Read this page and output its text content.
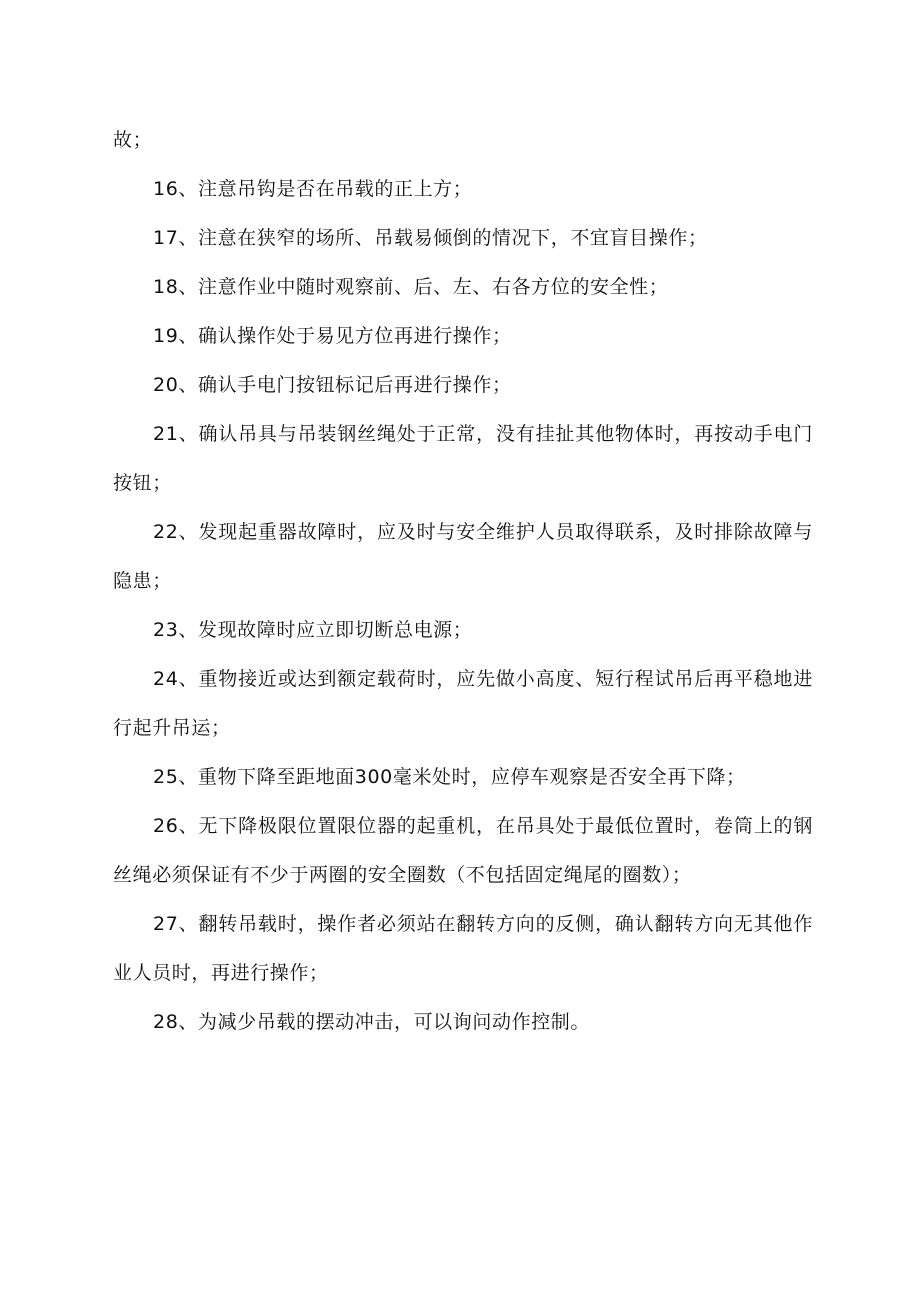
故；

16、注意吊钩是否在吊载的正上方；

17、注意在狭窄的场所、吊载易倾倒的情况下，不宜盲目操作；

18、注意作业中随时观察前、后、左、右各方位的安全性；

19、确认操作处于易见方位再进行操作；

20、确认手电门按钮标记后再进行操作；

21、确认吊具与吊装钢丝绳处于正常，没有挂扯其他物体时，再按动手电门按钮；

22、发现起重器故障时，应及时与安全维护人员取得联系，及时排除故障与隐患；

23、发现故障时应立即切断总电源；

24、重物接近或达到额定载荷时，应先做小高度、短行程试吊后再平稳地进行起升吊运；

25、重物下降至距地面300毫米处时，应停车观察是否安全再下降；

26、无下降极限位置限位器的起重机，在吊具处于最低位置时，卷筒上的钢丝绳必须保证有不少于两圈的安全圈数（不包括固定绳尾的圈数）；

27、翻转吊载时，操作者必须站在翻转方向的反侧，确认翻转方向无其他作业人员时，再进行操作；

28、为减少吊载的摆动冲击，可以询问动作控制。
